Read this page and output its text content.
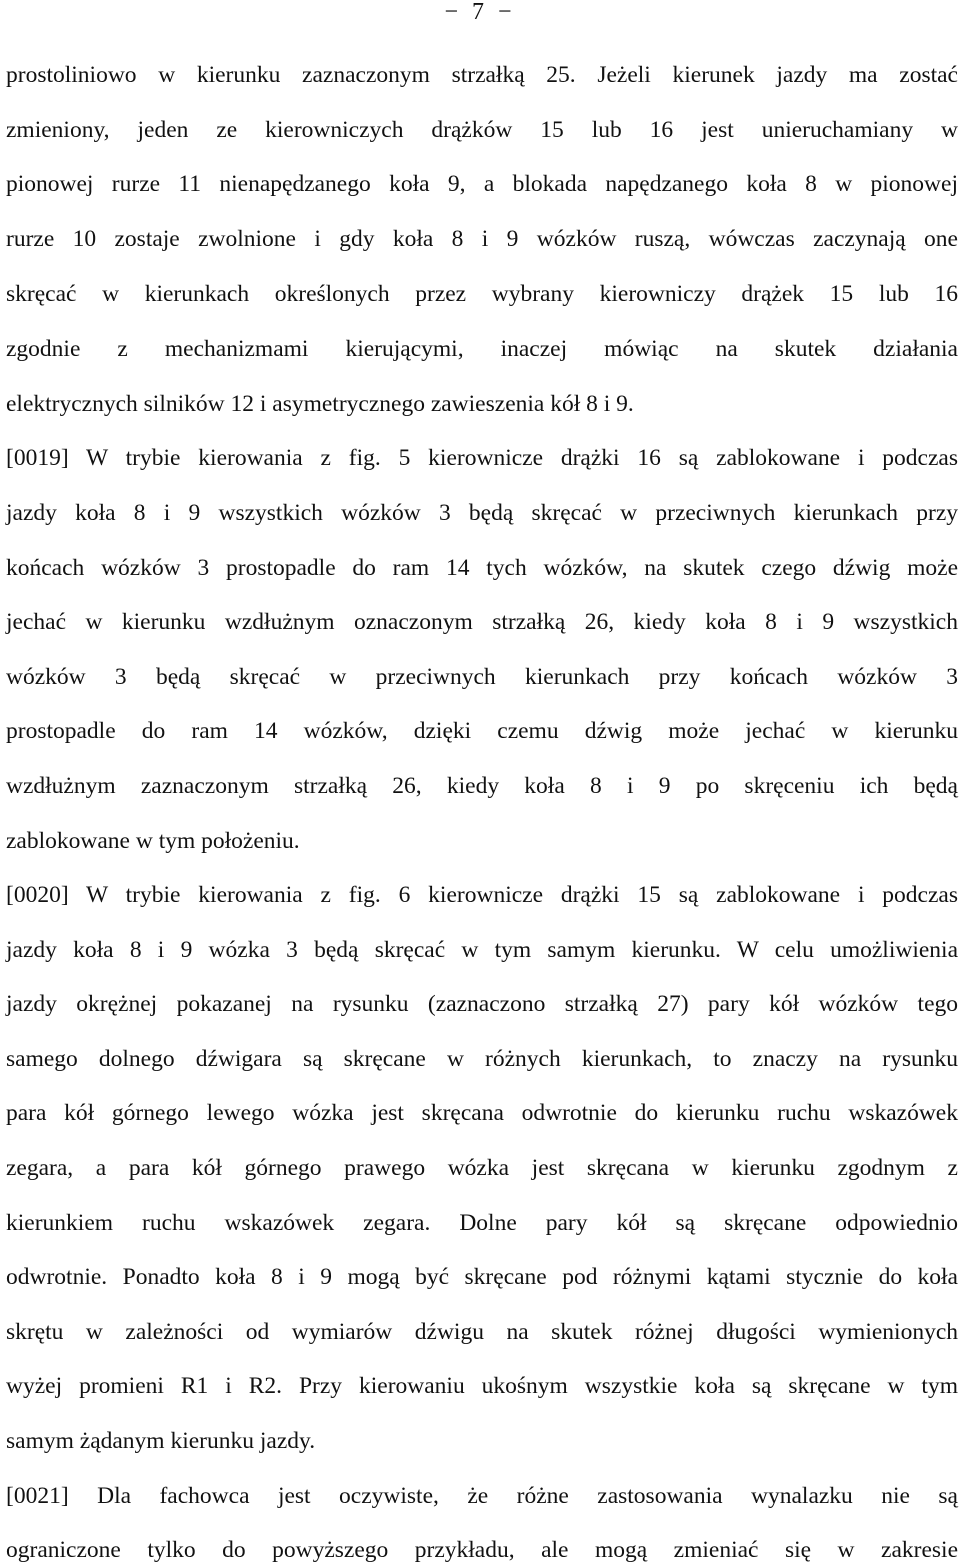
− 7 −
prostoliniowo w kierunku zaznaczonym strzałką 25. Jeżeli kierunek jazdy ma zostać
zmieniony, jeden ze kierowniczych drążków 15 lub 16 jest unieruchamiany w
pionowej rurze 11 nienapędzanego koła 9, a blokada napędzanego koła 8 w pionowej
rurze 10 zostaje zwolnione i gdy koła 8 i 9 wózków ruszą, wówczas zaczynają one
skręcać w kierunkach określonych przez wybrany kierowniczy drążek 15 lub 16
zgodnie z mechanizmami kierującymi, inaczej mówiąc na skutek działania
elektrycznych silników 12 i asymetrycznego zawieszenia kół 8 i 9.
[0019] W trybie kierowania z fig. 5 kierownicze drążki 16 są zablokowane i podczas
jazdy koła 8 i 9 wszystkich wózków 3 będą skręcać w przeciwnych kierunkach przy
końcach wózków 3 prostopadle do ram 14 tych wózków, na skutek czego dźwig może
jechać w kierunku wzdłużnym oznaczonym strzałką 26, kiedy koła 8 i 9 wszystkich
wózków 3 będą skręcać w przeciwnych kierunkach przy końcach wózków 3
prostopadle do ram 14 wózków, dzięki czemu dźwig może jechać w kierunku
wzdłużnym zaznaczonym strzałką 26, kiedy koła 8 i 9 po skręceniu ich będą
zablokowane w tym położeniu.
[0020] W trybie kierowania z fig. 6 kierownicze drążki 15 są zablokowane i podczas
jazdy koła 8 i 9 wózka 3 będą skręcać w tym samym kierunku. W celu umożliwienia
jazdy okrężnej pokazanej na rysunku (zaznaczono strzałką 27) pary kół wózków tego
samego dolnego dźwigara są skręcane w różnych kierunkach, to znaczy na rysunku
para kół górnego lewego wózka jest skręcana odwrotnie do kierunku ruchu wskazówek
zegara, a para kół górnego prawego wózka jest skręcana w kierunku zgodnym z
kierunkiem ruchu wskazówek zegara. Dolne pary kół są skręcane odpowiednio
odwrotnie. Ponadto koła 8 i 9 mogą być skręcane pod różnymi kątami stycznie do koła
skrętu w zależności od wymiarów dźwigu na skutek różnej długości wymienionych
wyżej promieni R1 i R2. Przy kierowaniu ukośnym wszystkie koła są skręcane w tym
samym żądanym kierunku jazdy.
[0021] Dla fachowca jest oczywiste, że różne zastosowania wynalazku nie są
ograniczone tylko do powyższego przykładu, ale mogą zmieniać się w zakresie
